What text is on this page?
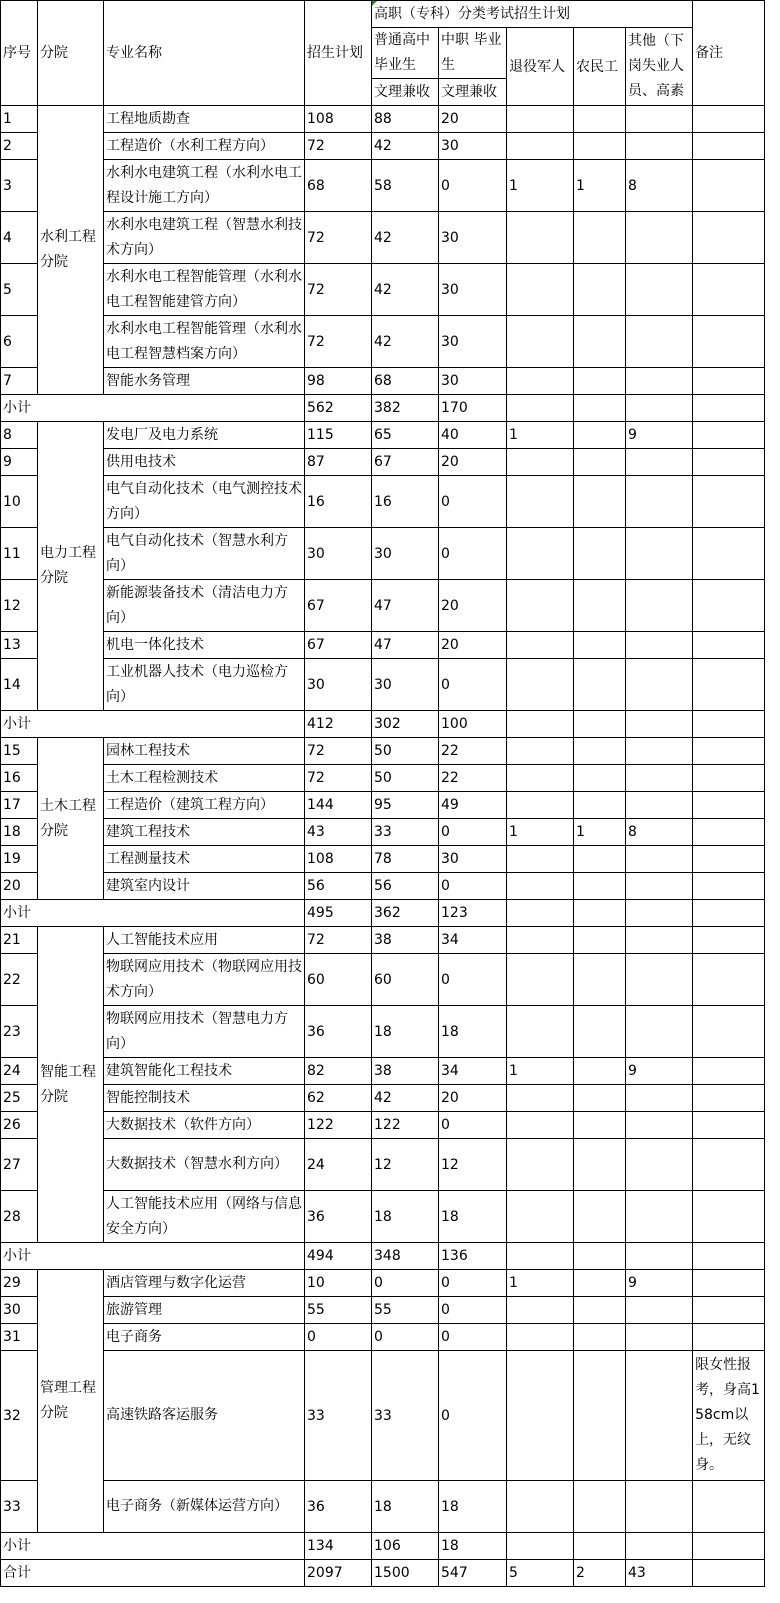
序号	分院	专业名称	招生计划	高职（专科）分类考试招生计划					备注
				普通高中毕业生	中职 毕业生	退役军人	农民工	其他（下岗失业人员、高素	
				文理兼收	文理兼收				
1	水利工程分院	工程地质勘查	108	88	20				
2		工程造价（水利工程方向）	72	42	30				
3		水利水电建筑工程（水利水电工程设计施工方向）	68	58	0	1	1	8	
4		水利水电建筑工程（智慧水利技术方向）	72	42	30				
5		水利水电工程智能管理（水利水电工程智能建管方向）	72	42	30				
6		水利水电工程智能管理（水利水电工程智慧档案方向）	72	42	30				
7		智能水务管理	98	68	30				
小计			562	382	170				
8	电力工程分院	发电厂及电力系统	115	65	40	1		9	
9		供用电技术	87	67	20				
10		电气自动化技术（电气测控技术方向）	16	16	0				
11		电气自动化技术（智慧水利方向）	30	30	0				
12		新能源装备技术（清洁电力方向）	67	47	20				
13		机电一体化技术	67	47	20				
14		工业机器人技术（电力巡检方向）	30	30	0				
小计			412	302	100				
15	土木工程分院	园林工程技术	72	50	22				
16		土木工程检测技术	72	50	22				
17		工程造价（建筑工程方向）	144	95	49				
18		建筑工程技术	43	33	0	1	1	8	
19		工程测量技术	108	78	30				
20		建筑室内设计	56	56	0				
小计			495	362	123				
21	智能工程分院	人工智能技术应用	72	38	34				
22		物联网应用技术（物联网应用技术方向）	60	60	0				
23		物联网应用技术（智慧电力方向）	36	18	18				
24		建筑智能化工程技术	82	38	34	1		9	
25		智能控制技术	62	42	20				
26		大数据技术（软件方向）	122	122	0				
27		大数据技术（智慧水利方向）	24	12	12				
28		人工智能技术应用（网络与信息安全方向）	36	18	18				
小计			494	348	136				
29	管理工程分院	酒店管理与数字化运营	10	0	0	1		9	
30		旅游管理	55	55	0				
31		电子商务	0	0	0				
32		高速铁路客运服务	33	33	0				限女性报考，身高158cm以上，无纹身。
33		电子商务（新媒体运营方向）	36	18	18				
小计			134	106	18				
合计			2097	1500	547	5	2	43	
